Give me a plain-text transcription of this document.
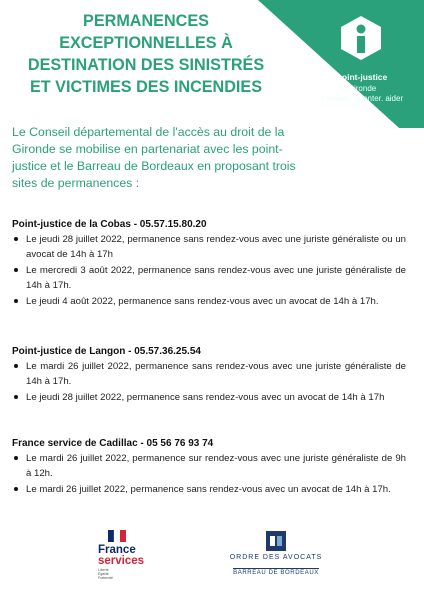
point-justice
Gironde
informer. orienter. aider
PERMANENCES
EXCEPTIONNELLES À
DESTINATION DES SINISTRÉS
ET VICTIMES DES INCENDIES

Le Conseil départemental de l'accès au droit de la Gironde se mobilise en partenariat avec les point-justice et le Barreau de Bordeaux en proposant trois sites de permanences :

Point-justice de la Cobas - 05.57.15.80.20

Le jeudi 28 juillet 2022, permanence sans rendez-vous avec une juriste généraliste ou un avocat de 14h à 17h
Le mercredi 3 août 2022, permanence sans rendez-vous avec une juriste généraliste de 14h à 17h.
Le jeudi 4 août 2022, permanence sans rendez-vous avec un avocat de 14h à 17h.

Point-justice de Langon - 05.57.36.25.54

Le mardi 26 juillet 2022, permanence sans rendez-vous avec une juriste généraliste de 14h à 17h.
Le jeudi 28 juillet 2022, permanence sans rendez-vous avec un avocat de 14h à 17h

France service de Cadillac - 05 56 76 93 74

Le mardi 26 juillet 2022, permanence sur rendez-vous avec une juriste généraliste de 9h à 12h.
Le mardi 26 juillet 2022, permanence sans rendez-vous avec un avocat de 14h à 17h.
France
services
Liberté
Égalité
Fraternité
ORDRE DES AVOCATS
BARREAU DE BORDEAUX
